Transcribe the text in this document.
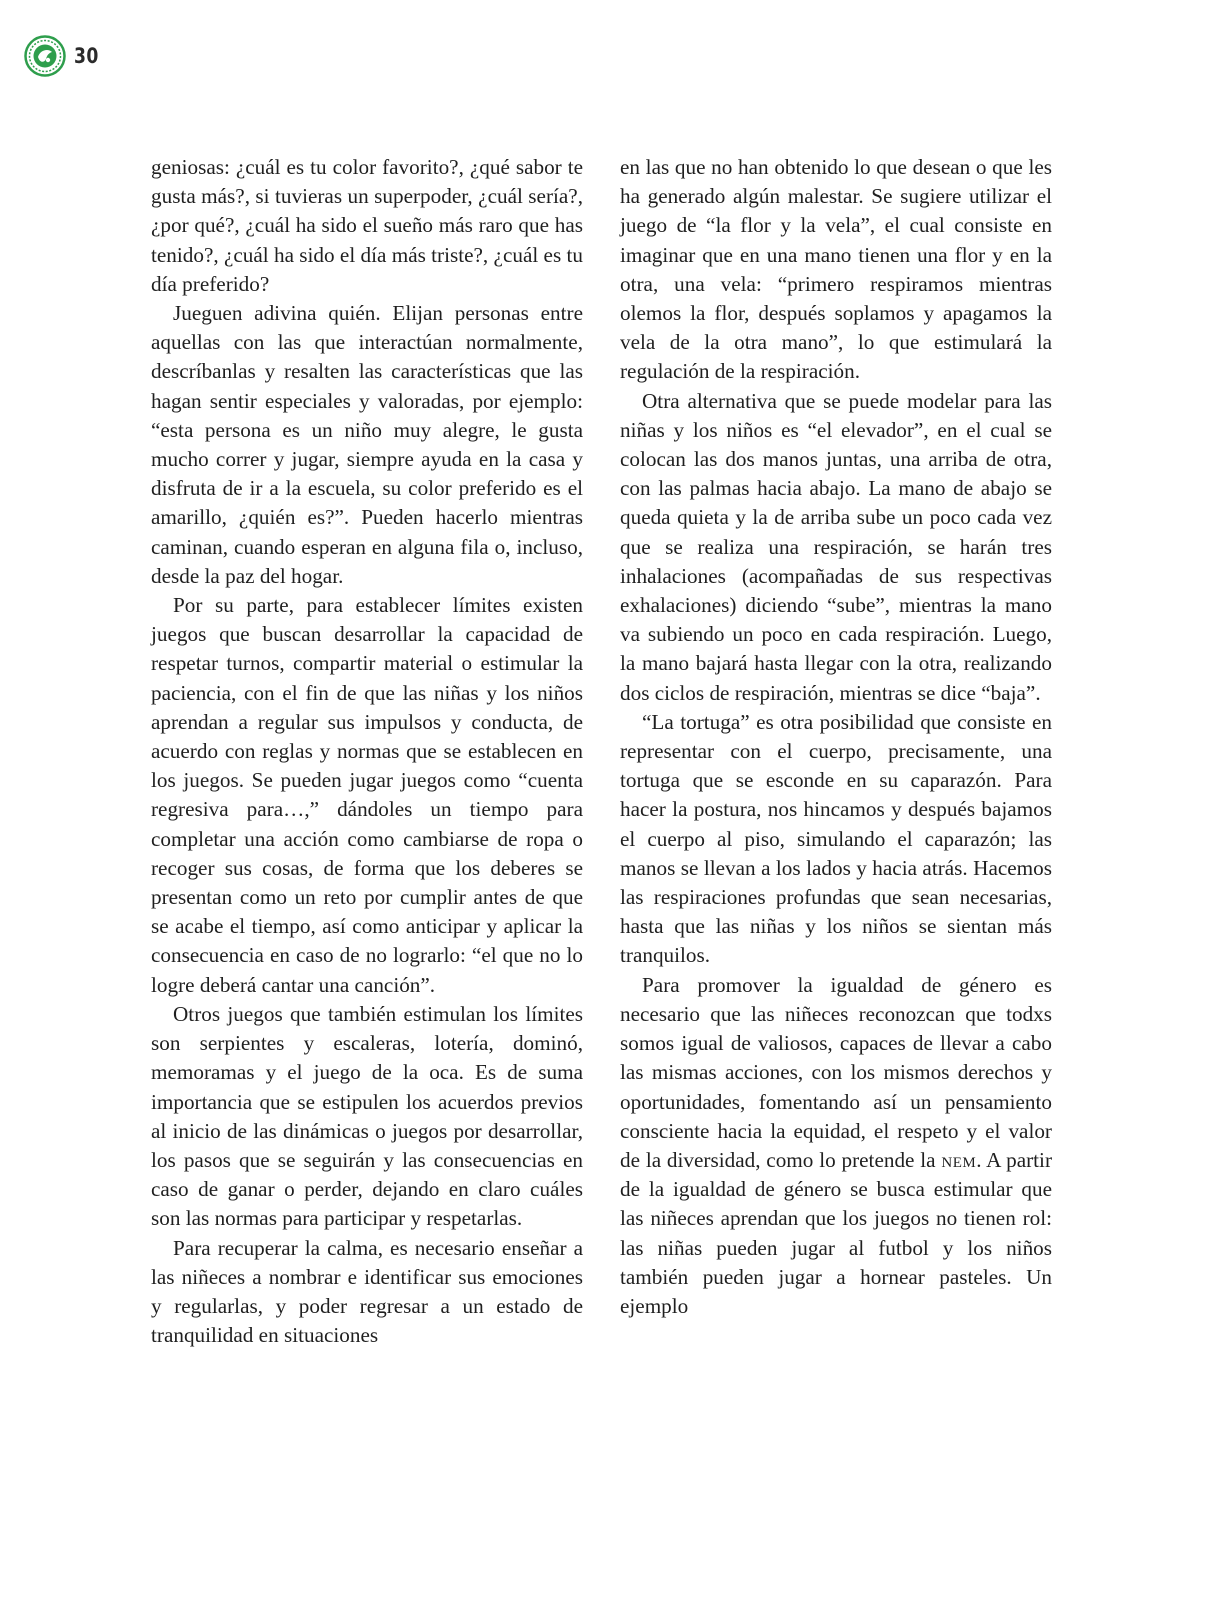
30

geniosas: ¿cuál es tu color favorito?, ¿qué sabor te gusta más?, si tuvieras un superpoder, ¿cuál sería?, ¿por qué?, ¿cuál ha sido el sueño más raro que has tenido?, ¿cuál ha sido el día más triste?, ¿cuál es tu día preferido?

Jueguen adivina quién. Elijan personas entre aquellas con las que interactúan normalmente, descríbanlas y resalten las características que las hagan sentir especiales y valoradas, por ejemplo: “esta persona es un niño muy alegre, le gusta mucho correr y jugar, siempre ayuda en la casa y disfruta de ir a la escuela, su color preferido es el amarillo, ¿quién es?”. Pueden hacerlo mientras caminan, cuando esperan en alguna fila o, incluso, desde la paz del hogar.

Por su parte, para establecer límites existen juegos que buscan desarrollar la capacidad de respetar turnos, compartir material o estimular la paciencia, con el fin de que las niñas y los niños aprendan a regular sus impulsos y conducta, de acuerdo con reglas y normas que se establecen en los juegos. Se pueden jugar juegos como “cuenta regresiva para…,” dándoles un tiempo para completar una acción como cambiarse de ropa o recoger sus cosas, de forma que los deberes se presentan como un reto por cumplir antes de que se acabe el tiempo, así como anticipar y aplicar la consecuencia en caso de no lograrlo: “el que no lo logre deberá cantar una canción”.

Otros juegos que también estimulan los límites son serpientes y escaleras, lotería, dominó, memoramas y el juego de la oca. Es de suma importancia que se estipulen los acuerdos previos al inicio de las dinámicas o juegos por desarrollar, los pasos que se seguirán y las consecuencias en caso de ganar o perder, dejando en claro cuáles son las normas para participar y respetarlas.

Para recuperar la calma, es necesario enseñar a las niñeces a nombrar e identificar sus emociones y regularlas, y poder regresar a un estado de tranquilidad en situaciones

en las que no han obtenido lo que desean o que les ha generado algún malestar. Se sugiere utilizar el juego de “la flor y la vela”, el cual consiste en imaginar que en una mano tienen una flor y en la otra, una vela: “primero respiramos mientras olemos la flor, después soplamos y apagamos la vela de la otra mano”, lo que estimulará la regulación de la respiración.

Otra alternativa que se puede modelar para las niñas y los niños es “el elevador”, en el cual se colocan las dos manos juntas, una arriba de otra, con las palmas hacia abajo. La mano de abajo se queda quieta y la de arriba sube un poco cada vez que se realiza una respiración, se harán tres inhalaciones (acompañadas de sus respectivas exhalaciones) diciendo “sube”, mientras la mano va subiendo un poco en cada respiración. Luego, la mano bajará hasta llegar con la otra, realizando dos ciclos de respiración, mientras se dice “baja”.

“La tortuga” es otra posibilidad que consiste en representar con el cuerpo, precisamente, una tortuga que se esconde en su caparazón. Para hacer la postura, nos hincamos y después bajamos el cuerpo al piso, simulando el caparazón; las manos se llevan a los lados y hacia atrás. Hacemos las respiraciones profundas que sean necesarias, hasta que las niñas y los niños se sientan más tranquilos.

Para promover la igualdad de género es necesario que las niñeces reconozcan que todxs somos igual de valiosos, capaces de llevar a cabo las mismas acciones, con los mismos derechos y oportunidades, fomentando así un pensamiento consciente hacia la equidad, el respeto y el valor de la diversidad, como lo pretende la nem. A partir de la igualdad de género se busca estimular que las niñeces aprendan que los juegos no tienen rol: las niñas pueden jugar al futbol y los niños también pueden jugar a hornear pasteles. Un ejemplo
